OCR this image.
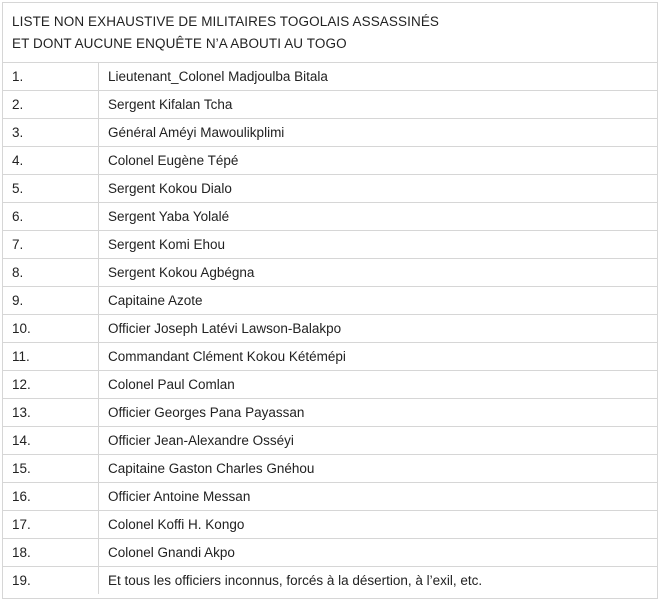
LISTE NON EXHAUSTIVE DE MILITAIRES TOGOLAIS ASSASSINÉS
ET DONT AUCUNE ENQUÊTE N’A ABOUTI AU TOGO
1.	Lieutenant_Colonel Madjoulba Bitala
2.	Sergent Kifalan Tcha
3.	Général Améyi Mawoulikplimi
4.	Colonel Eugène Tépé
5.	Sergent Kokou Dialo
6.	Sergent Yaba Yolalé
7.	Sergent Komi Ehou
8.	Sergent Kokou Agbégna
9.	Capitaine Azote
10.	Officier Joseph Latévi Lawson-Balakpo
11.	Commandant Clément Kokou Kétémépi
12.	Colonel Paul Comlan
13.	Officier Georges Pana Payassan
14.	Officier Jean-Alexandre Osséyi
15.	Capitaine Gaston Charles Gnéhou
16.	Officier Antoine Messan
17.	Colonel Koffi H. Kongo
18.	Colonel Gnandi Akpo
19.	Et tous les officiers inconnus, forcés à la désertion, à l’exil, etc.
